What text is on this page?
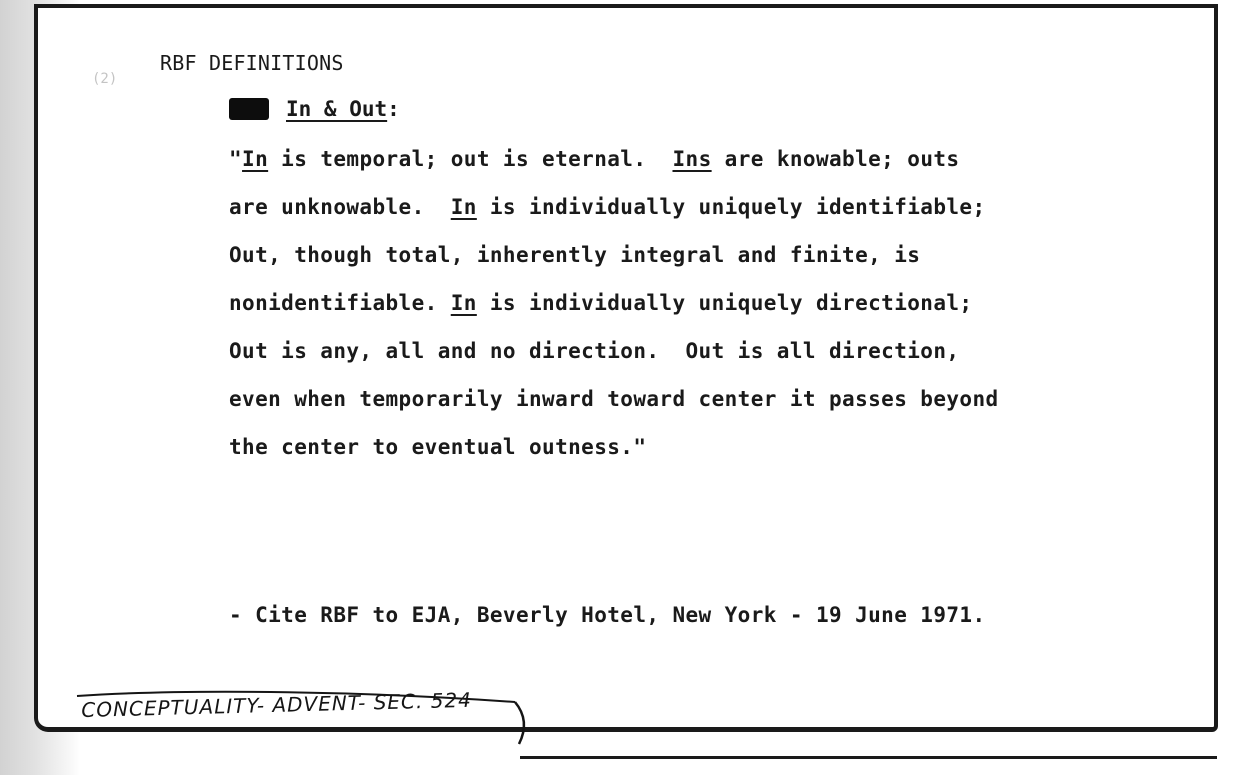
(2)
RBF DEFINITIONS
In & Out :
"In is temporal; out is eternal.  Ins are knowable; outs
are unknowable.  In is individually uniquely identifiable;
Out, though total, inherently integral and finite, is
nonidentifiable. In is individually uniquely directional;
Out is any, all and no direction.  Out is all direction,
even when temporarily inward toward center it passes beyond
the center to eventual outness."
- Cite RBF to EJA, Beverly Hotel, New York - 19 June 1971.
CONCEPTUALITY- ADVENT- SEC. 524
